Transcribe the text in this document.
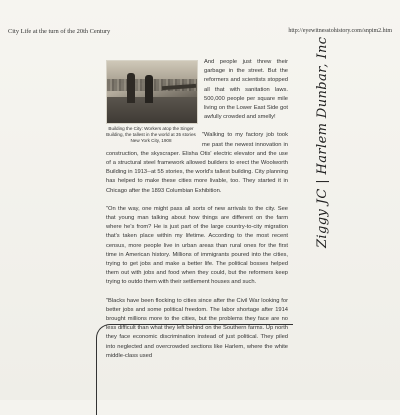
City Life at the turn of the 20th Century	http://eyewitnesstohistory.com/snpim2.htm
Building the City: Workers atop the Singer Building, the tallest in the world at 35 stories New York City, 1908

And people just threw their garbage in the street. But the reformers and scientists stopped all that with sanitation laws. 500,000 people per square mile living on the Lower East Side got awfully crowded and smelly!

"Walking to my factory job took me past the newest innovation in construction, the skyscraper. Elisha Otis' electric elevator and the use of a structural steel framework allowed builders to erect the Woolworth Building in 1913--at 55 stories, the world's tallest building. City planning has helped to make these cities more livable, too. They started it in Chicago after the 1893 Columbian Exhibition.

"On the way, one might pass all sorts of new arrivals to the city. See that young man talking about how things are different on the farm where he's from? He is just part of the large country-to-city migration that's taken place within my lifetime. According to the most recent census, more people live in urban areas than rural ones for the first time in American history. Millions of immigrants poured into the cities, trying to get jobs and make a better life. The political bosses helped them out with jobs and food when they could, but the reformers keep trying to outdo them with their settlement houses and such.

"Blacks have been flocking to cities since after the Civil War looking for better jobs and some political freedom. The labor shortage after 1914 brought millions more to the cities, but the problems they face are no less difficult than what they left behind on the Southern farms. Up north they face economic discrimination instead of just political. They piled into neglected and overcrowded sections like Harlem, where the white middle-class used

Ziggy JC | Harlem Dunbar, Inc
